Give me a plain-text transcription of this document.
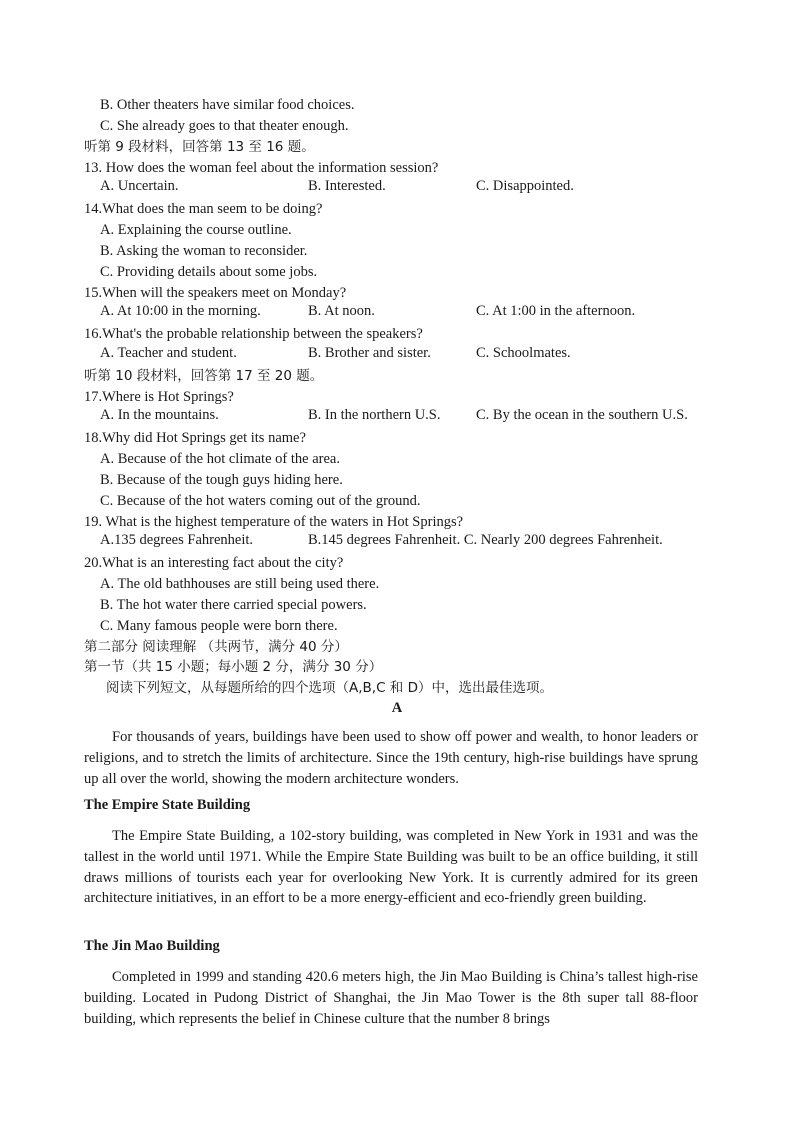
B. Other theaters have similar food choices.
C. She already goes to that theater enough.
听第 9 段材料，回答第 13 至 16 题。
13. How does the woman feel about the information session?
A. Uncertain.	B. Interested.	C. Disappointed.
14.What does the man seem to be doing?
A. Explaining the course outline.
B. Asking the woman to reconsider.
C. Providing details about some jobs.
15.When will the speakers meet on Monday?
A. At 10:00 in the morning.	B. At noon.	C. At 1:00 in the afternoon.
16.What's the probable relationship between the speakers?
A. Teacher and student.	B. Brother and sister.	C. Schoolmates.
听第 10 段材料，回答第 17 至 20 题。
17.Where is Hot Springs?
A. In the mountains.	B. In the northern U.S. C. By the ocean in the southern U.S.
18.Why did Hot Springs get its name?
A. Because of the hot climate of the area.
B. Because of the tough guys hiding here.
C. Because of the hot waters coming out of the ground.
19. What is the highest temperature of the waters in Hot Springs?
A.135 degrees Fahrenheit.	B.145 degrees Fahrenheit. C. Nearly 200 degrees Fahrenheit.
20.What is an interesting fact about the city?
A. The old bathhouses are still being used there.
B. The hot water there carried special powers.
C. Many famous people were born there.
第二部分 阅读理解 （共两节，满分 40 分）
第一节（共 15 小题；每小题 2 分，满分 30 分）
阅读下列短文，从每题所给的四个选项（A,B,C 和 D）中，选出最佳选项。
A
For thousands of years, buildings have been used to show off power and wealth, to honor leaders or religions, and to stretch the limits of architecture. Since the 19th century, high-rise buildings have sprung up all over the world, showing the modern architecture wonders.
The Empire State Building
The Empire State Building, a 102-story building, was completed in New York in 1931 and was the tallest in the world until 1971. While the Empire State Building was built to be an office building, it still draws millions of tourists each year for overlooking New York. It is currently admired for its green architecture initiatives, in an effort to be a more energy-efficient and eco-friendly green building.
The Jin Mao Building
Completed in 1999 and standing 420.6 meters high, the Jin Mao Building is China’s tallest high-rise building. Located in Pudong District of Shanghai, the Jin Mao Tower is the 8th super tall 88-floor building, which represents the belief in Chinese culture that the number 8 brings
